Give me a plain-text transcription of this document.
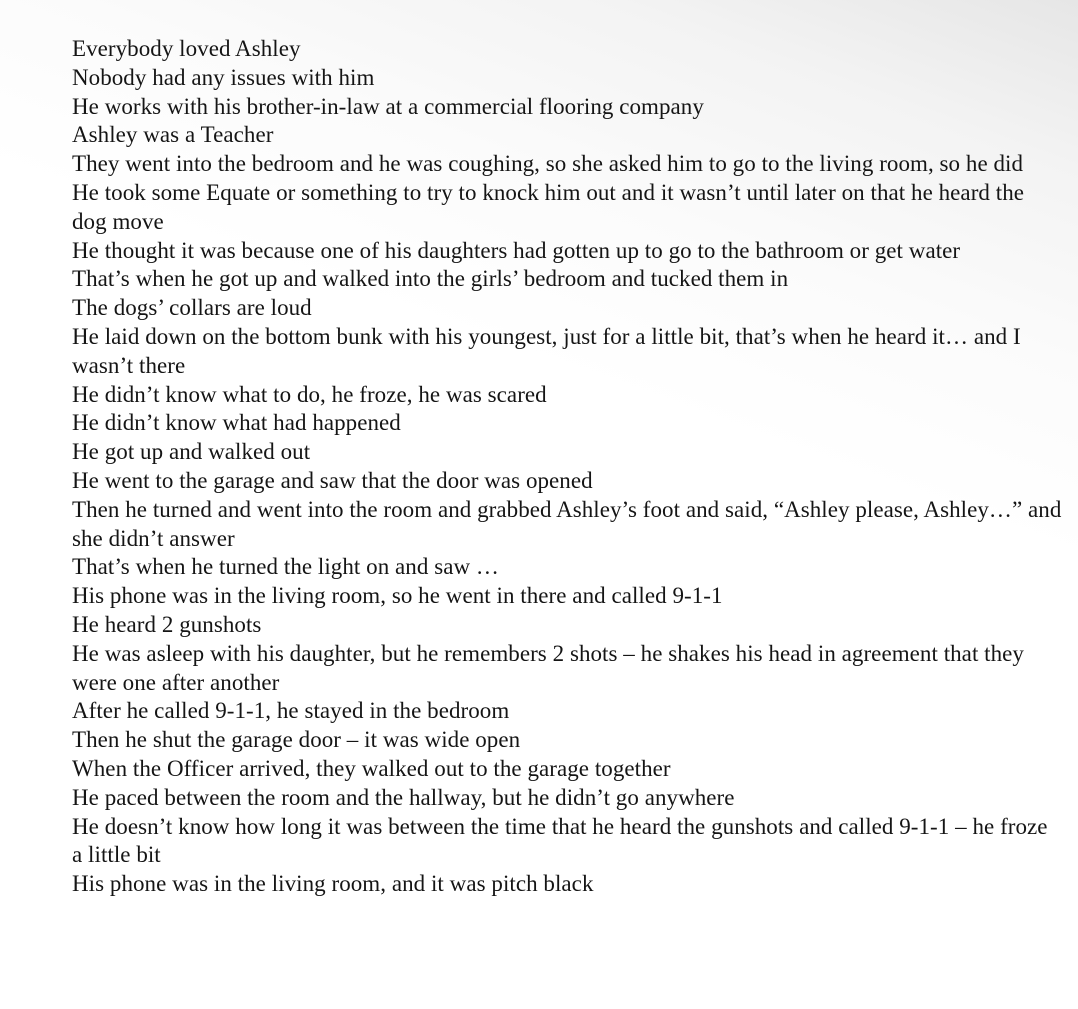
Everybody loved Ashley

Nobody had any issues with him

He works with his brother-in-law at a commercial flooring company

Ashley was a Teacher

They went into the bedroom and he was coughing, so she asked him to go to the living room, so he did

He took some Equate or something to try to knock him out and it wasn’t until later on that he heard the dog move

He thought it was because one of his daughters had gotten up to go to the bathroom or get water

That’s when he got up and walked into the girls’ bedroom and tucked them in

The dogs’ collars are loud

He laid down on the bottom bunk with his youngest, just for a little bit, that’s when he heard it… and I wasn’t there

He didn’t know what to do, he froze, he was scared

He didn’t know what had happened

He got up and walked out

He went to the garage and saw that the door was opened

Then he turned and went into the room and grabbed Ashley’s foot and said, “Ashley please, Ashley…” and she didn’t answer

That’s when he turned the light on and saw …

His phone was in the living room, so he went in there and called 9-1-1

He heard 2 gunshots

He was asleep with his daughter, but he remembers 2 shots – he shakes his head in agreement that they were one after another

After he called 9-1-1, he stayed in the bedroom

Then he shut the garage door – it was wide open

When the Officer arrived, they walked out to the garage together

He paced between the room and the hallway, but he didn’t go anywhere

He doesn’t know how long it was between the time that he heard the gunshots and called 9-1-1 – he froze a little bit

His phone was in the living room, and it was pitch black
